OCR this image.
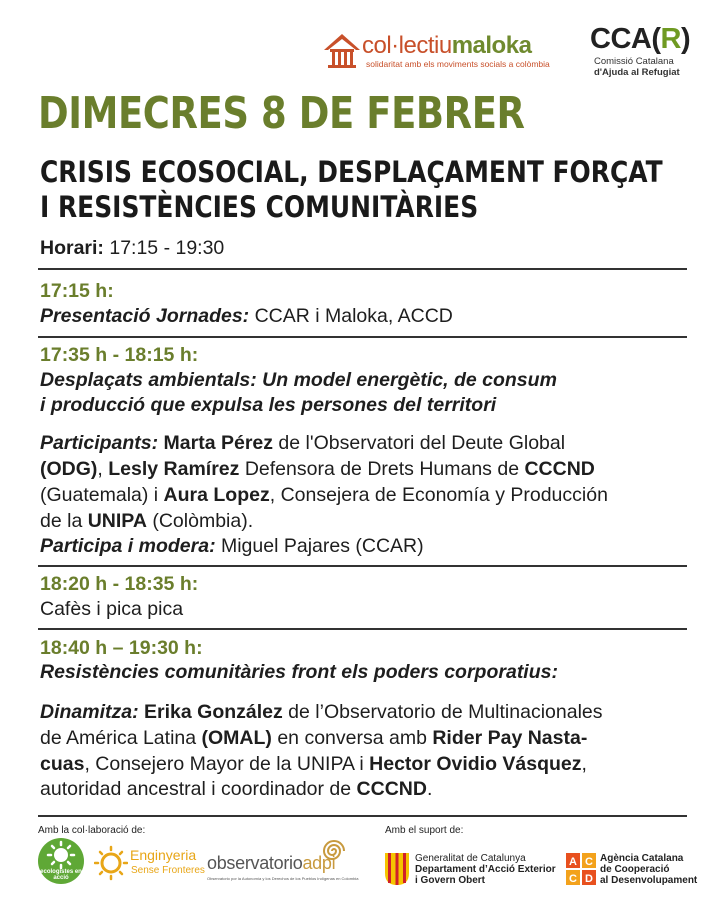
col·lectiumaloka
solidaritat amb els moviments socials a colòmbia
CCA(R)
Comissió Catalana
d'Ajuda al Refugiat
DIMECRES 8 DE FEBRER
CRISIS ECOSOCIAL, DESPLAÇAMENT FORÇAT
I RESISTÈNCIES COMUNITÀRIES
Horari: 17:15 - 19:30
17:15 h:
Presentació Jornades: CCAR i Maloka, ACCD
17:35 h - 18:15 h:
Desplaçats ambientals: Un model energètic, de consum
i producció que expulsa les persones del territori
Participants: Marta Pérez de l'Observatori del Deute Global
(ODG), Lesly Ramírez Defensora de Drets Humans de CCCND
(Guatemala) i Aura Lopez, Consejera de Economía y Producción
de la UNIPA (Colòmbia).
Participa i modera: Miguel Pajares (CCAR)
18:20 h - 18:35 h:
Cafès i pica pica
18:40 h – 19:30 h:
Resistències comunitàries front els poders corporatius:
Dinamitza: Erika González de l’Observatorio de Multinacionales
de América Latina (OMAL) en conversa amb Rider Pay Nasta-
cuas, Consejero Mayor de la UNIPA i Hector Ovidio Vásquez,
autoridad ancestral i coordinador de CCCND.
Amb la col·laboració de:	Amb el suport de:
ecologistes en acció
Enginyeria
Sense Fronteres observatorioadpi
Observatorio por la Autonomía y los Derechos de los Pueblos Indígenas en Colombia
Generalitat de Catalunya
Departament d’Acció Exterior
i Govern Obert
A C
C D
Agència Catalana
de Cooperació
al Desenvolupament
